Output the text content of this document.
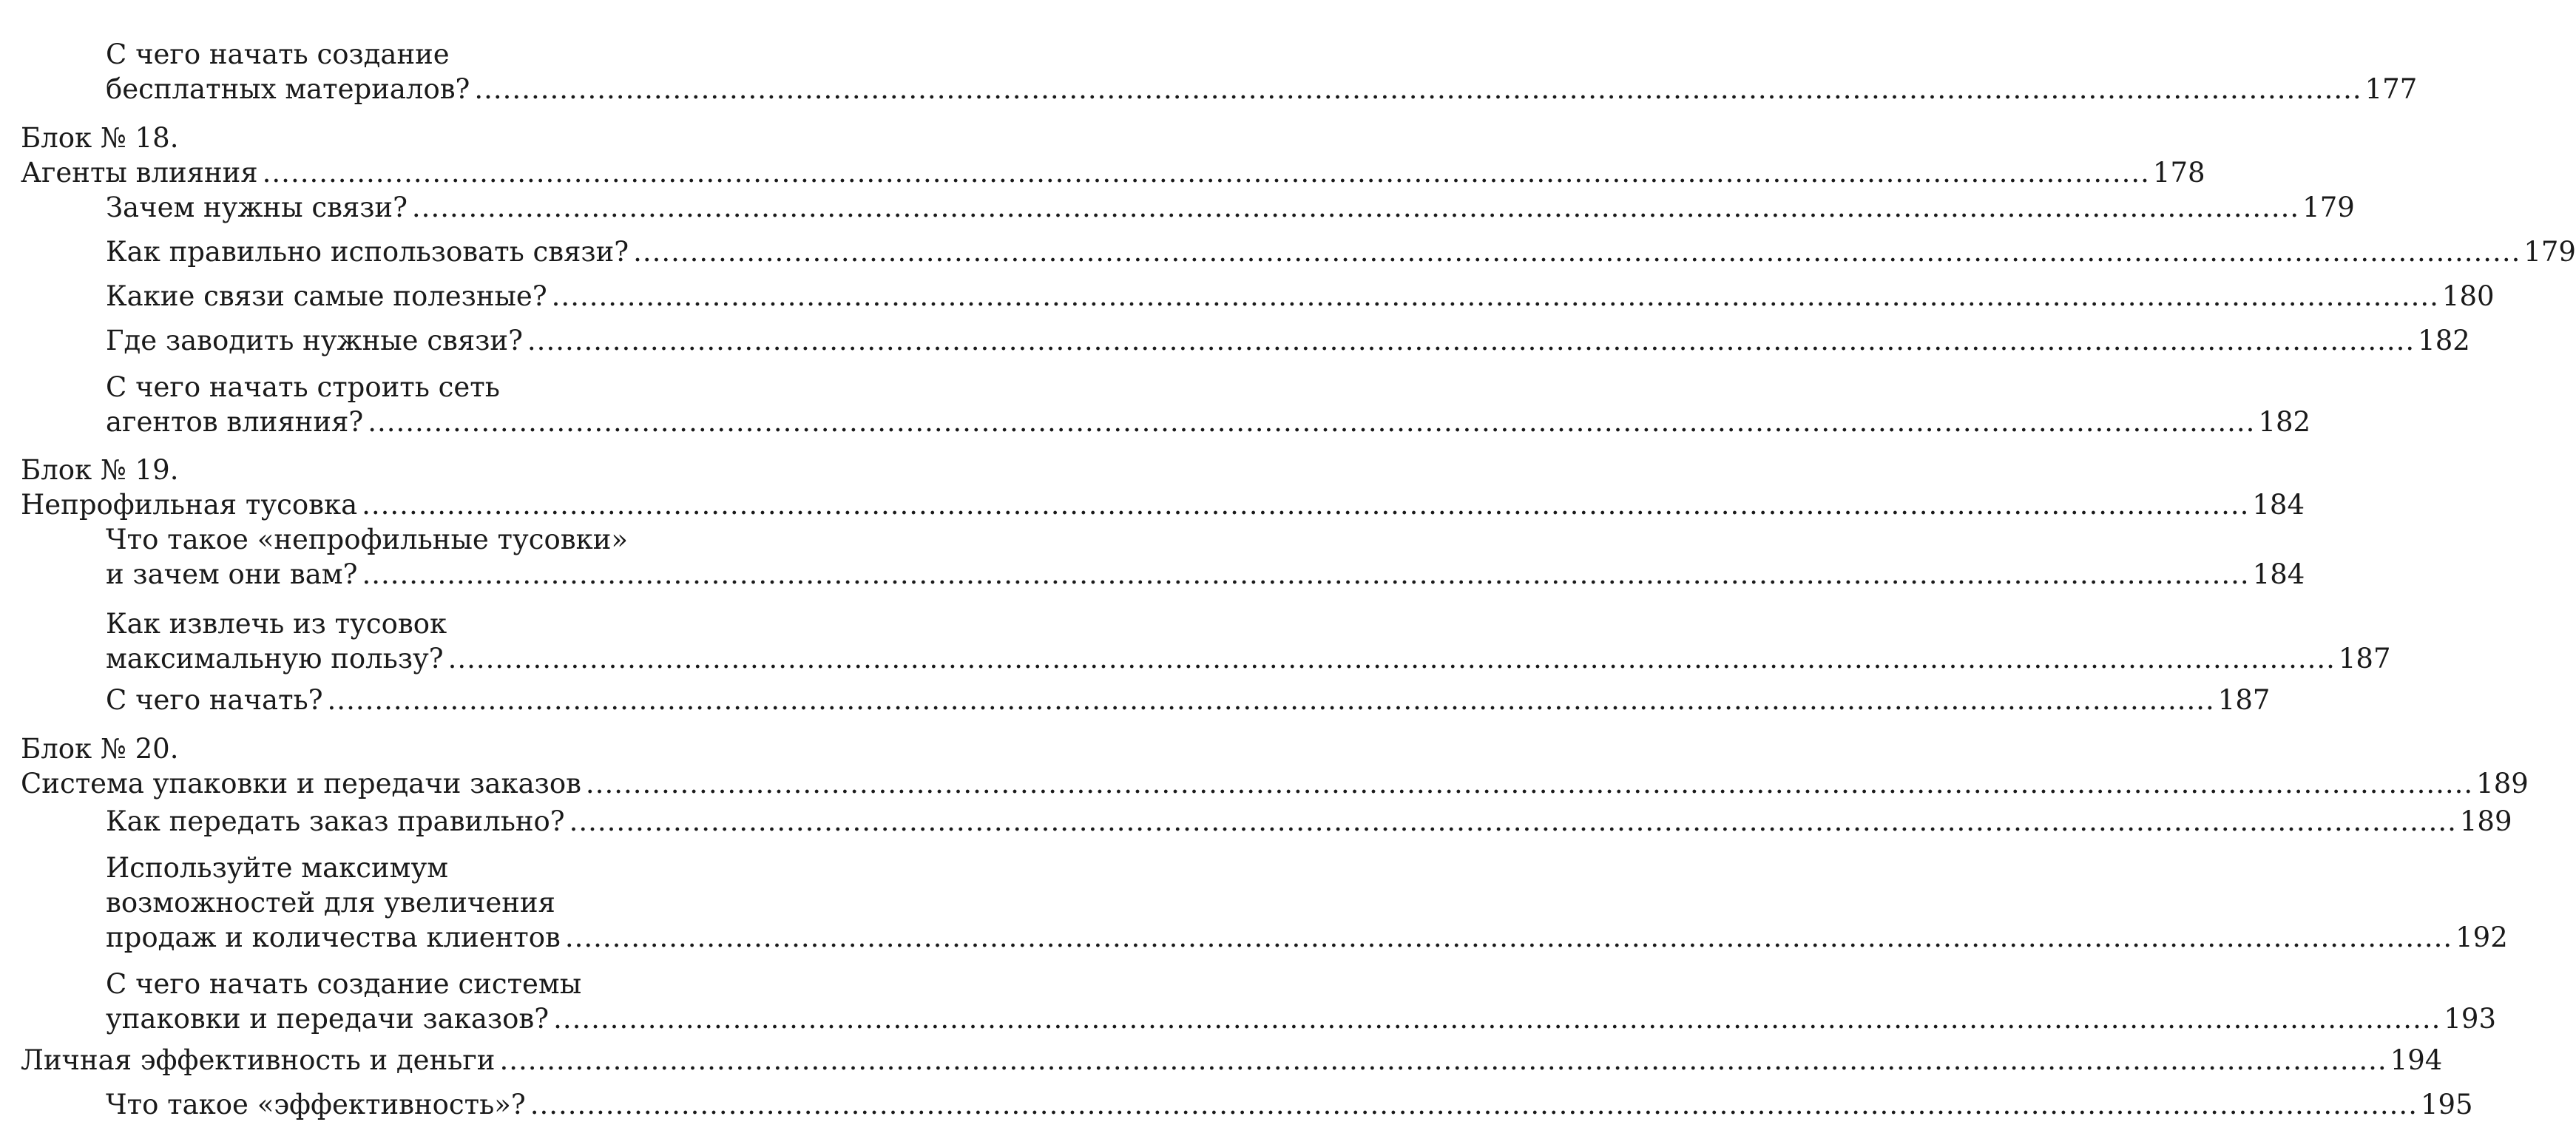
С чего начать создание
бесплатных материалов? ........................................................................................................................................................................................................ 177
Блок № 18.
Агенты влияния ........................................................................................................................................................................................................ 178
Зачем нужны связи? ........................................................................................................................................................................................................ 179
Как правильно использовать связи? ........................................................................................................................................................................................................ 179
Какие связи самые полезные? ........................................................................................................................................................................................................ 180
Где заводить нужные связи? ........................................................................................................................................................................................................ 182
С чего начать строить сеть
агентов влияния? ........................................................................................................................................................................................................ 182
Блок № 19.
Непрофильная тусовка ........................................................................................................................................................................................................ 184
Что такое «непрофильные тусовки»
и зачем они вам? ........................................................................................................................................................................................................ 184
Как извлечь из тусовок
максимальную пользу? ........................................................................................................................................................................................................ 187
С чего начать? ........................................................................................................................................................................................................ 187
Блок № 20.
Система упаковки и передачи заказов ........................................................................................................................................................................................................ 189
Как передать заказ правильно? ........................................................................................................................................................................................................ 189
Используйте максимум
возможностей для увеличения
продаж и количества клиентов ........................................................................................................................................................................................................ 192
С чего начать создание системы
упаковки и передачи заказов? ........................................................................................................................................................................................................ 193
Личная эффективность и деньги ........................................................................................................................................................................................................ 194
Что такое «эффективность»? ........................................................................................................................................................................................................ 195
